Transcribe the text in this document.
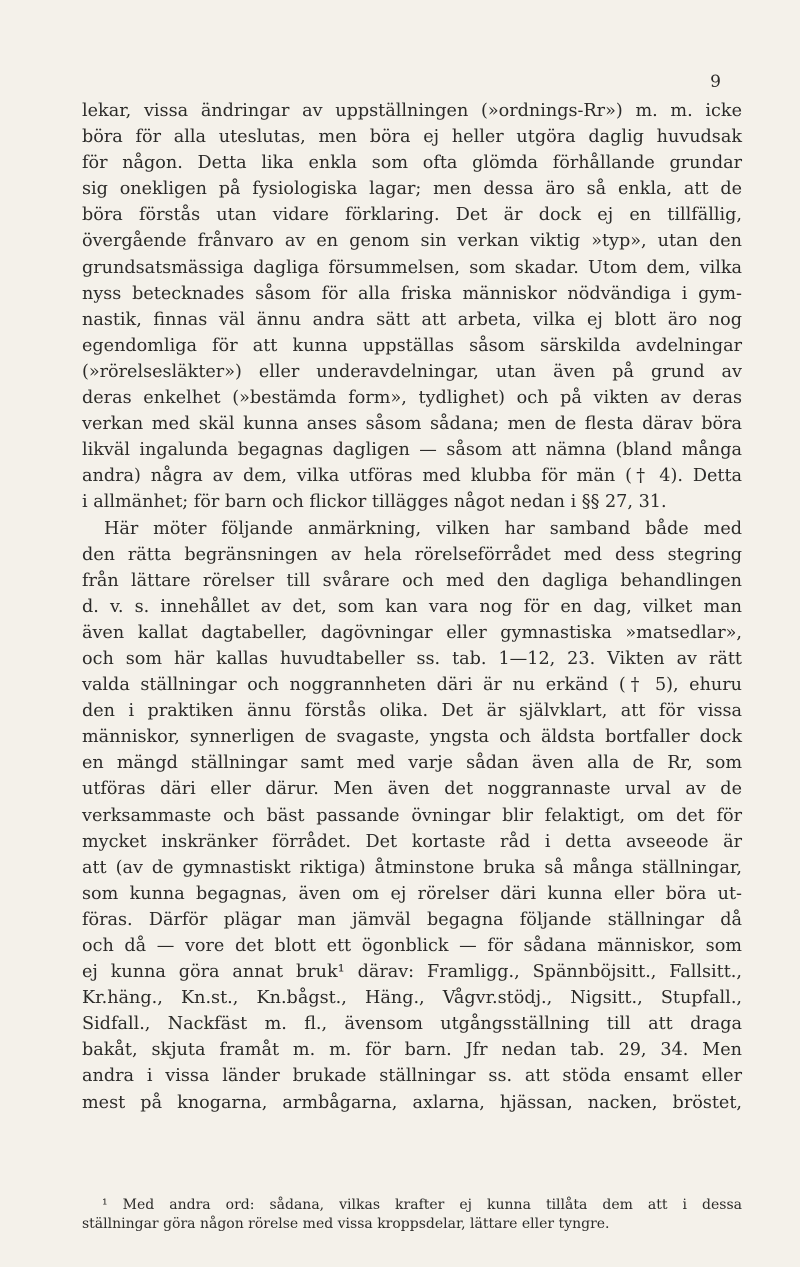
9
lekar, vissa ändringar av uppställningen (»ordnings-Rr») m. m. icke
böra för alla uteslutas, men böra ej heller utgöra daglig huvudsak
för någon. Detta lika enkla som ofta glömda förhållande grundar
sig onekligen på fysiologiska lagar; men dessa äro så enkla, att de
böra förstås utan vidare förklaring. Det är dock ej en tillfällig,
övergående frånvaro av en genom sin verkan viktig »typ», utan den
grundsatsmässiga dagliga försummelsen, som skadar. Utom dem, vilka
nyss betecknades såsom för alla friska människor nödvändiga i gym-
nastik, finnas väl ännu andra sätt att arbeta, vilka ej blott äro nog
egendomliga för att kunna uppställas såsom särskilda avdelningar
(»rörelsesläkter») eller underavdelningar, utan även på grund av
deras enkelhet (»bestämda form», tydlighet) och på vikten av deras
verkan med skäl kunna anses såsom sådana; men de flesta därav böra
likväl ingalunda begagnas dagligen — såsom att nämna (bland många
andra) några av dem, vilka utföras med klubba för män († 4). Detta
i allmänhet; för barn och flickor tillägges något nedan i §§ 27, 31.
Här möter följande anmärkning, vilken har samband både med
den rätta begränsningen av hela rörelseförrådet med dess stegring
från lättare rörelser till svårare och med den dagliga behandlingen
d. v. s. innehållet av det, som kan vara nog för en dag, vilket man
även kallat dagtabeller, dagövningar eller gymnastiska »matsedlar»,
och som här kallas huvudtabeller ss. tab. 1—12, 23. Vikten av rätt
valda ställningar och noggrannheten däri är nu erkänd († 5), ehuru
den i praktiken ännu förstås olika. Det är självklart, att för vissa
människor, synnerligen de svagaste, yngsta och äldsta bortfaller dock
en mängd ställningar samt med varje sådan även alla de Rr, som
utföras däri eller därur. Men även det noggrannaste urval av de
verksammaste och bäst passande övningar blir felaktigt, om det för
mycket inskränker förrådet. Det kortaste råd i detta avseeode är
att (av de gymnastiskt riktiga) åtminstone bruka så många ställningar,
som kunna begagnas, även om ej rörelser däri kunna eller böra ut-
föras. Därför plägar man jämväl begagna följande ställningar då
och då — vore det blott ett ögonblick — för sådana människor, som
ej kunna göra annat bruk¹ därav: Framligg., Spännböjsitt., Fallsitt.,
Kr.häng., Kn.st., Kn.bågst., Häng., Vågvr.stödj., Nigsitt., Stupfall.,
Sidfall., Nackfäst m. fl., ävensom utgångsställning till att draga
bakåt, skjuta framåt m. m. för barn. Jfr nedan tab. 29, 34. Men
andra i vissa länder brukade ställningar ss. att stöda ensamt eller
mest på knogarna, armbågarna, axlarna, hjässan, nacken, bröstet,
¹ Med andra ord: sådana, vilkas krafter ej kunna tillåta dem att i dessa
ställningar göra någon rörelse med vissa kroppsdelar, lättare eller tyngre.
